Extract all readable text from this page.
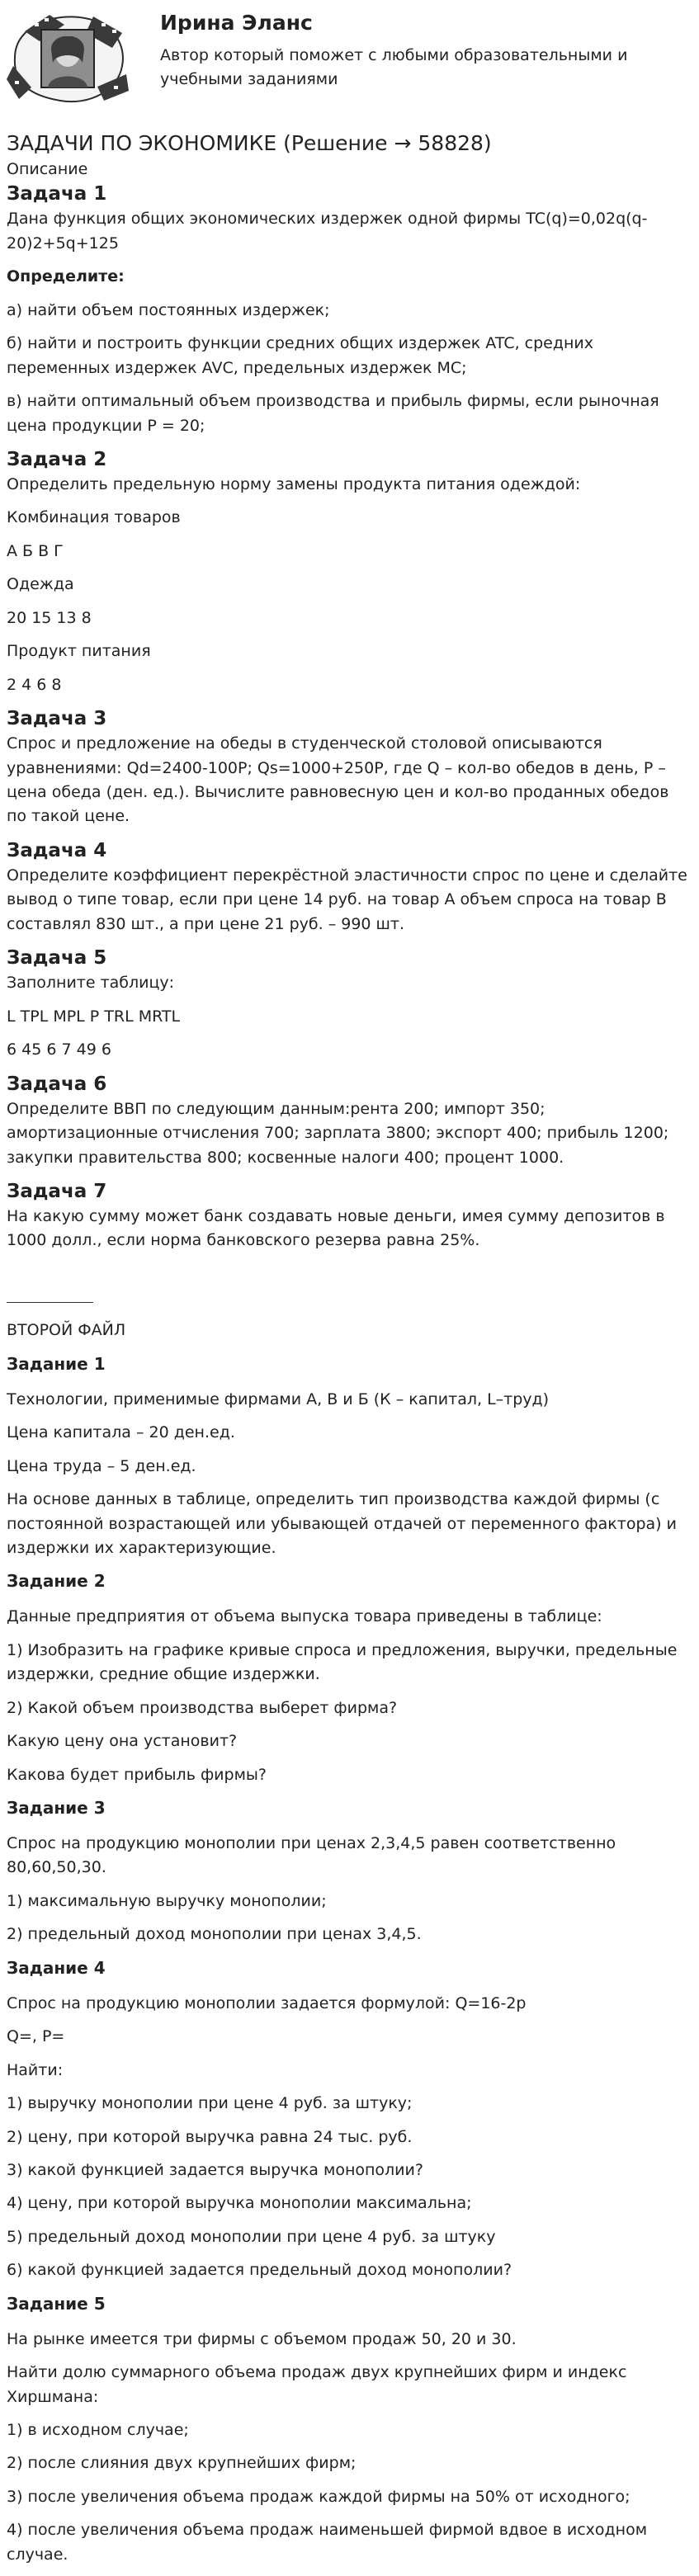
Ирина Эланс
Автор который поможет с любыми образовательными и учебными заданиями
ЗАДАЧИ ПО ЭКОНОМИКЕ (Решение → 58828)
Описание
Задача 1

Дана функция общих экономических издержек одной фирмы TC(q)=0,02q(q-20)2+5q+125

Определите:

а) найти объем постоянных издержек;

б) найти и построить функции средних общих издержек ATC, средних переменных издержек AVC, предельных издержек MC;

в) найти оптимальный объем производства и прибыль фирмы, если рыночная цена продукции P = 20;

Задача 2

Определить предельную норму замены продукта питания одеждой:

Комбинация товаров

А Б В Г

Одежда

20 15 13 8

Продукт питания

2 4 6 8

Задача 3

Спрос и предложение на обеды в студенческой столовой описываются уравнениями: Qd=2400-100P; Qs=1000+250P, где Q – кол-во обедов в день, P – цена обеда (ден. ед.). Вычислите равновесную цен и кол-во проданных обедов по такой цене.

Задача 4

Определите коэффициент перекрёстной эластичности спрос по цене и сделайте вывод о типе товар, если при цене 14 руб. на товар А объем спроса на товар В составлял 830 шт., а при цене 21 руб. – 990 шт.

Задача 5

Заполните таблицу:

L TPL MPL P TRL MRTL

6 45 6 7 49 6

Задача 6

Определите ВВП по следующим данным:рента 200; импорт 350; амортизационные отчисления 700; зарплата 3800; экспорт 400; прибыль 1200; закупки правительства 800; косвенные налоги 400; процент 1000.

Задача 7

На какую сумму может банк создавать новые деньги, имея сумму депозитов в 1000 долл., если норма банковского резерва равна 25%.

ВТОРОЙ ФАЙЛ

Задание 1

Технологии, применимые фирмами А, В и Б (К – капитал, L–труд)

Цена капитала – 20 ден.ед.

Цена труда – 5 ден.ед.

На основе данных в таблице, определить тип производства каждой фирмы (с постоянной возрастающей или убывающей отдачей от переменного фактора) и издержки их характеризующие.

Задание 2

Данные предприятия от объема выпуска товара приведены в таблице:

1) Изобразить на графике кривые спроса и предложения, выручки, предельные издержки, средние общие издержки.

2) Какой объем производства выберет фирма?

Какую цену она установит?

Какова будет прибыль фирмы?

Задание 3

Спрос на продукцию монополии при ценах 2,3,4,5 равен соответственно 80,60,50,30.

1) максимальную выручку монополии;

2) предельный доход монополии при ценах 3,4,5.

Задание 4

Спрос на продукцию монополии задается формулой: Q=16-2p

Q=, P=

Найти:

1) выручку монополии при цене 4 руб. за штуку;

2) цену, при которой выручка равна 24 тыс. руб.

3) какой функцией задается выручка монополии?

4) цену, при которой выручка монополии максимальна;

5) предельный доход монополии при цене 4 руб. за штуку

6) какой функцией задается предельный доход монополии?

Задание 5

На рынке имеется три фирмы с объемом продаж 50, 20 и 30.

Найти долю суммарного объема продаж двух крупнейших фирм и индекс Хиршмана:

1) в исходном случае;

2) после слияния двух крупнейших фирм;

3) после увеличения объема продаж каждой фирмы на 50% от исходного;

4) после увеличения объема продаж наименьшей фирмой вдвое в исходном случае.
